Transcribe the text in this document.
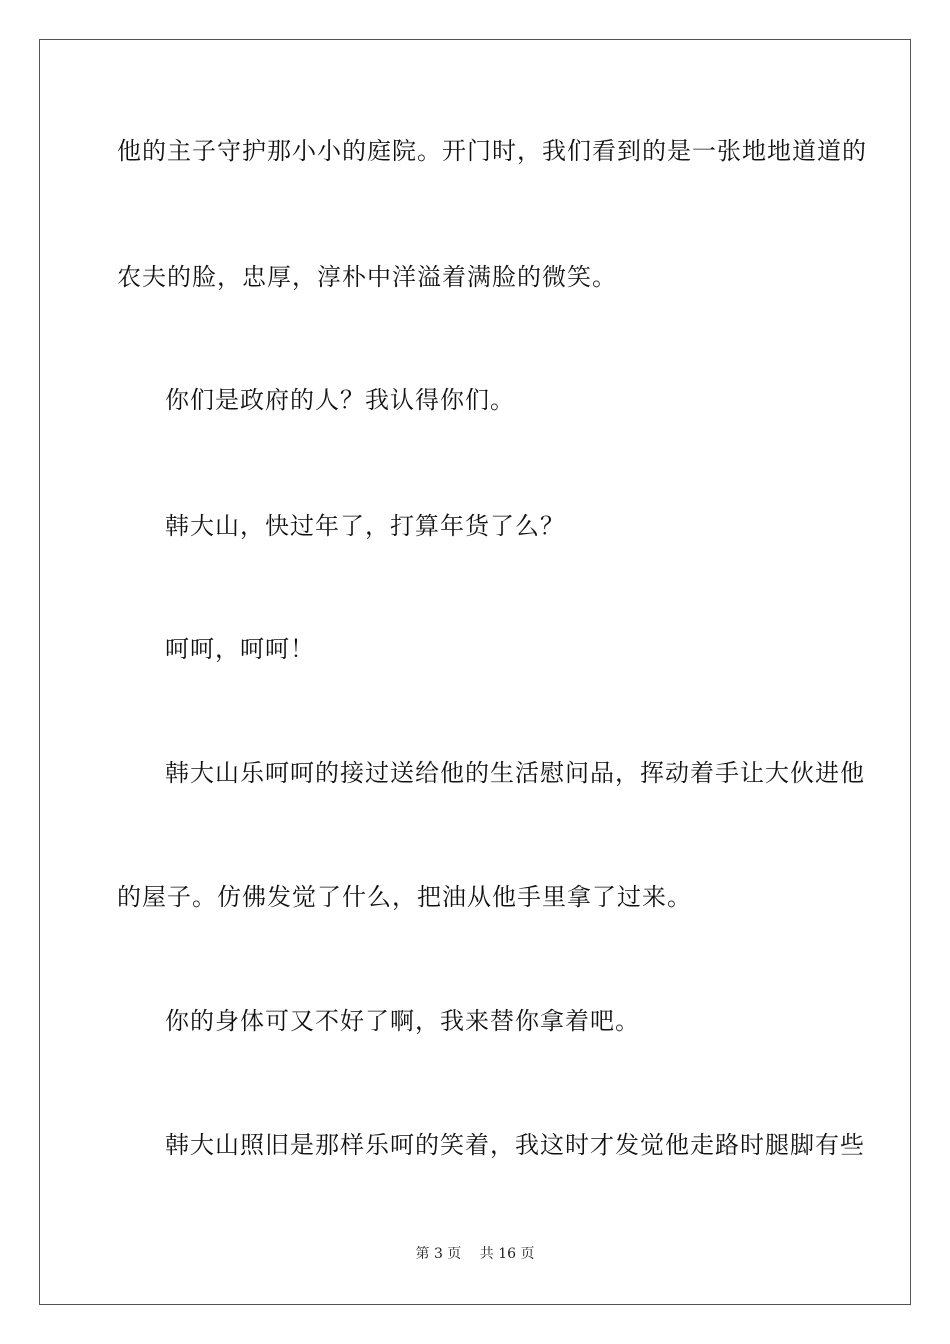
他的主子守护那小小的庭院。开门时，我们看到的是一张地地道道的
农夫的脸，忠厚，淳朴中洋溢着满脸的微笑。
你们是政府的人？我认得你们。
韩大山，快过年了，打算年货了么？
呵呵，呵呵！
韩大山乐呵呵的接过送给他的生活慰问品，挥动着手让大伙进他
的屋子。仿佛发觉了什么，把油从他手里拿了过来。
你的身体可又不好了啊，我来替你拿着吧。
韩大山照旧是那样乐呵的笑着，我这时才发觉他走路时腿脚有些
第 3 页 共 16 页
